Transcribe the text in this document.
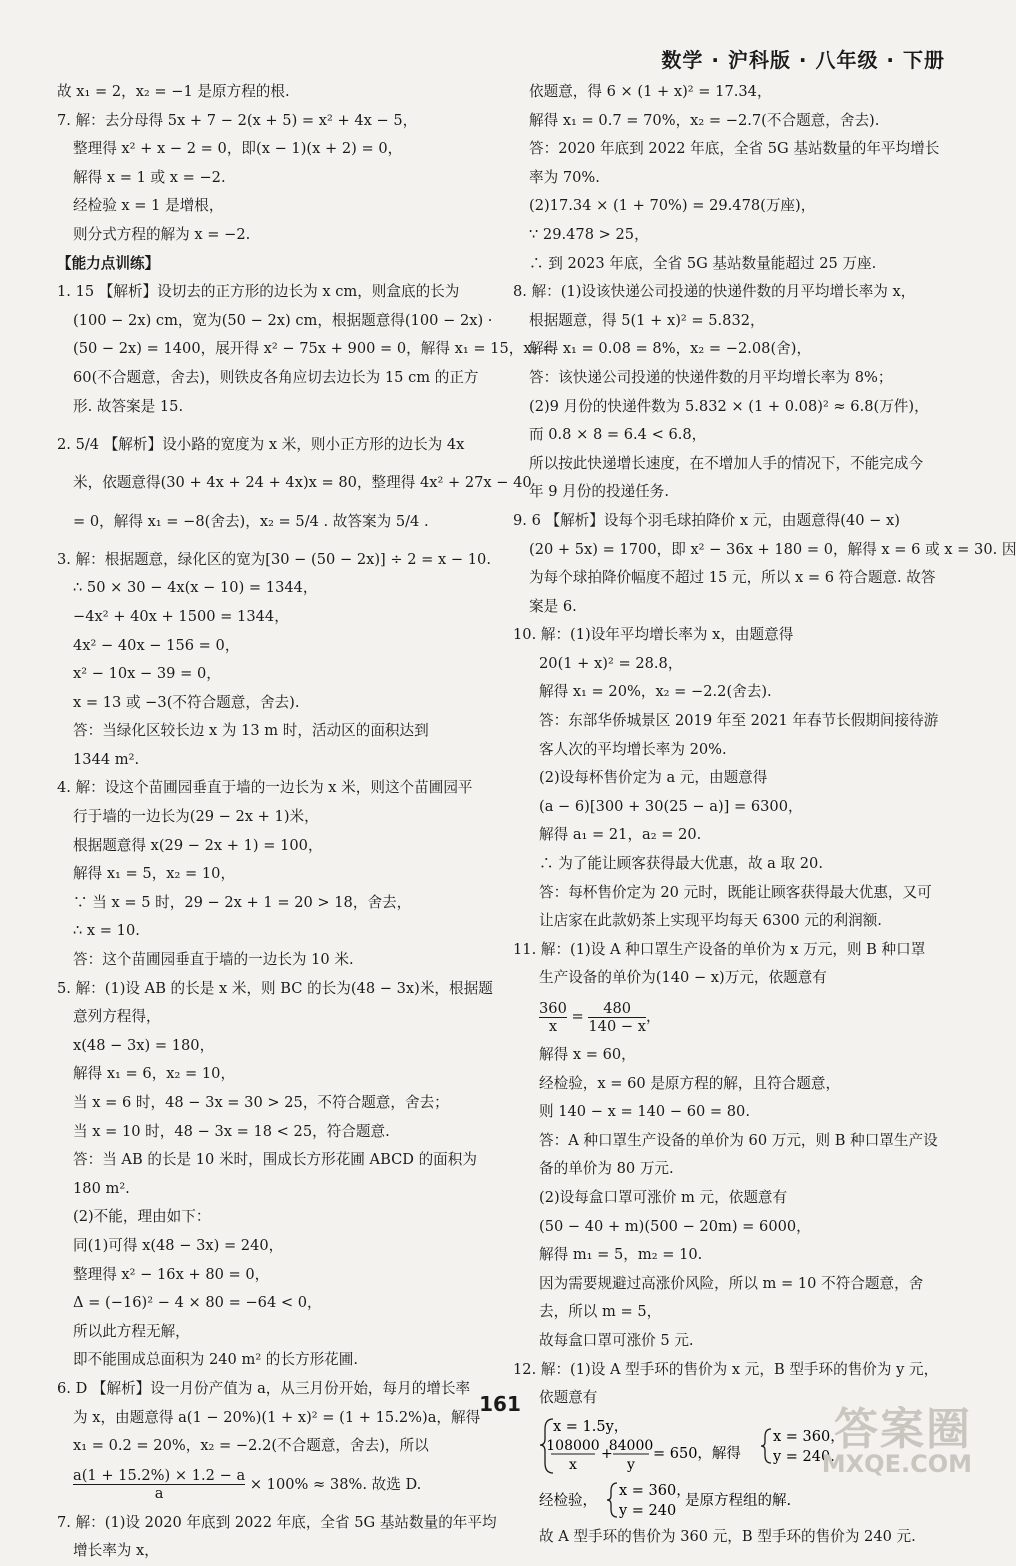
数学 · 沪科版 · 八年级 · 下册
故 x₁ = 2，x₂ = −1 是原方程的根.
7. 解：去分母得 5x + 7 − 2(x + 5) = x² + 4x − 5，
整理得 x² + x − 2 = 0，即(x − 1)(x + 2) = 0，
解得 x = 1 或 x = −2.
经检验 x = 1 是增根，
则分式方程的解为 x = −2.
【能力点训练】
1. 15 【解析】设切去的正方形的边长为 x cm，则盒底的长为
(100 − 2x) cm，宽为(50 − 2x) cm，根据题意得(100 − 2x) ·
(50 − 2x) = 1400，展开得 x² − 75x + 900 = 0，解得 x₁ = 15，x₂ =
60(不合题意，舍去)，则铁皮各角应切去边长为 15 cm 的正方
形. 故答案是 15.
2. 5/4 【解析】设小路的宽度为 x 米，则小正方形的边长为 4x
米，依题意得(30 + 4x + 24 + 4x)x = 80，整理得 4x² + 27x − 40
= 0，解得 x₁ = −8(舍去)，x₂ = 5/4 . 故答案为 5/4 .
3. 解：根据题意，绿化区的宽为[30 − (50 − 2x)] ÷ 2 = x − 10.
∴ 50 × 30 − 4x(x − 10) = 1344，
−4x² + 40x + 1500 = 1344，
4x² − 40x − 156 = 0，
x² − 10x − 39 = 0，
x = 13 或 −3(不符合题意，舍去).
答：当绿化区较长边 x 为 13 m 时，活动区的面积达到
1344 m².
4. 解：设这个苗圃园垂直于墙的一边长为 x 米，则这个苗圃园平
行于墙的一边长为(29 − 2x + 1)米，
根据题意得 x(29 − 2x + 1) = 100，
解得 x₁ = 5，x₂ = 10，
∵ 当 x = 5 时，29 − 2x + 1 = 20 > 18，舍去，
∴ x = 10.
答：这个苗圃园垂直于墙的一边长为 10 米.
5. 解：(1)设 AB 的长是 x 米，则 BC 的长为(48 − 3x)米，根据题
意列方程得，
x(48 − 3x) = 180，
解得 x₁ = 6，x₂ = 10，
当 x = 6 时，48 − 3x = 30 > 25，不符合题意，舍去；
当 x = 10 时，48 − 3x = 18 < 25，符合题意.
答：当 AB 的长是 10 米时，围成长方形花圃 ABCD 的面积为
180 m².
(2)不能，理由如下：
同(1)可得 x(48 − 3x) = 240，
整理得 x² − 16x + 80 = 0，
Δ = (−16)² − 4 × 80 = −64 < 0，
所以此方程无解，
即不能围成总面积为 240 m² 的长方形花圃.
6. D 【解析】设一月份产值为 a，从三月份开始，每月的增长率
为 x，由题意得 a(1 − 20%)(1 + x)² = (1 + 15.2%)a，解得
x₁ = 0.2 = 20%，x₂ = −2.2(不合题意，舍去)，所以
$\frac{a(1 + 15.2\%) \times 1.2 - a}{a} \times 100\% \approx 38\%$. 故选 D.
7. 解：(1)设 2020 年底到 2022 年底，全省 5G 基站数量的年平均
增长率为 x，
依题意，得 6 × (1 + x)² = 17.34，
解得 x₁ = 0.7 = 70%，x₂ = −2.7(不合题意，舍去).
答：2020 年底到 2022 年底，全省 5G 基站数量的年平均增长
率为 70%.
(2)17.34 × (1 + 70%) = 29.478(万座)，
∵ 29.478 > 25，
∴ 到 2023 年底，全省 5G 基站数量能超过 25 万座.
8. 解：(1)设该快递公司投递的快递件数的月平均增长率为 x，
根据题意，得 5(1 + x)² = 5.832，
解得 x₁ = 0.08 = 8%，x₂ = −2.08(舍)，
答：该快递公司投递的快递件数的月平均增长率为 8%；
(2)9 月份的快递件数为 5.832 × (1 + 0.08)² ≈ 6.8(万件)，
而 0.8 × 8 = 6.4 < 6.8，
所以按此快递增长速度，在不增加人手的情况下，不能完成今
年 9 月份的投递任务.
9. 6 【解析】设每个羽毛球拍降价 x 元，由题意得(40 − x)
(20 + 5x) = 1700，即 x² − 36x + 180 = 0，解得 x = 6 或 x = 30. 因
为每个球拍降价幅度不超过 15 元，所以 x = 6 符合题意. 故答
案是 6.
10. 解：(1)设年平均增长率为 x，由题意得
20(1 + x)² = 28.8，
解得 x₁ = 20%，x₂ = −2.2(舍去).
答：东部华侨城景区 2019 年至 2021 年春节长假期间接待游
客人次的平均增长率为 20%.
(2)设每杯售价定为 a 元，由题意得
(a − 6)[300 + 30(25 − a)] = 6300，
解得 a₁ = 21，a₂ = 20.
∴ 为了能让顾客获得最大优惠，故 a 取 20.
答：每杯售价定为 20 元时，既能让顾客获得最大优惠，又可
让店家在此款奶茶上实现平均每天 6300 元的利润额.
11. 解：(1)设 A 种口罩生产设备的单价为 x 万元，则 B 种口罩
生产设备的单价为(140 − x)万元，依题意有
$\frac{360}{x} = \frac{480}{140 - x}$ ，
解得 x = 60，
经检验，x = 60 是原方程的解，且符合题意，
则 140 − x = 140 − 60 = 80.
答：A 种口罩生产设备的单价为 60 万元，则 B 种口罩生产设
备的单价为 80 万元.
(2)设每盒口罩可涨价 m 元，依题意有
(50 − 40 + m)(500 − 20m) = 6000，
解得 m₁ = 5，m₂ = 10.
因为需要规避过高涨价风险，所以 m = 10 不符合题意，舍
去，所以 m = 5，
故每盒口罩可涨价 5 元.
12. 解：(1)设 A 型手环的售价为 x 元，B 型手环的售价为 y 元，
依题意有
x = 1.5y，
108000
x
+
84000
y
= 650，解得
x = 360，
y = 240.
经检验，
x = 360，
y = 240
是原方程组的解.
故 A 型手环的售价为 360 元，B 型手环的售价为 240 元.
161	答案圈
MXQE.COM
